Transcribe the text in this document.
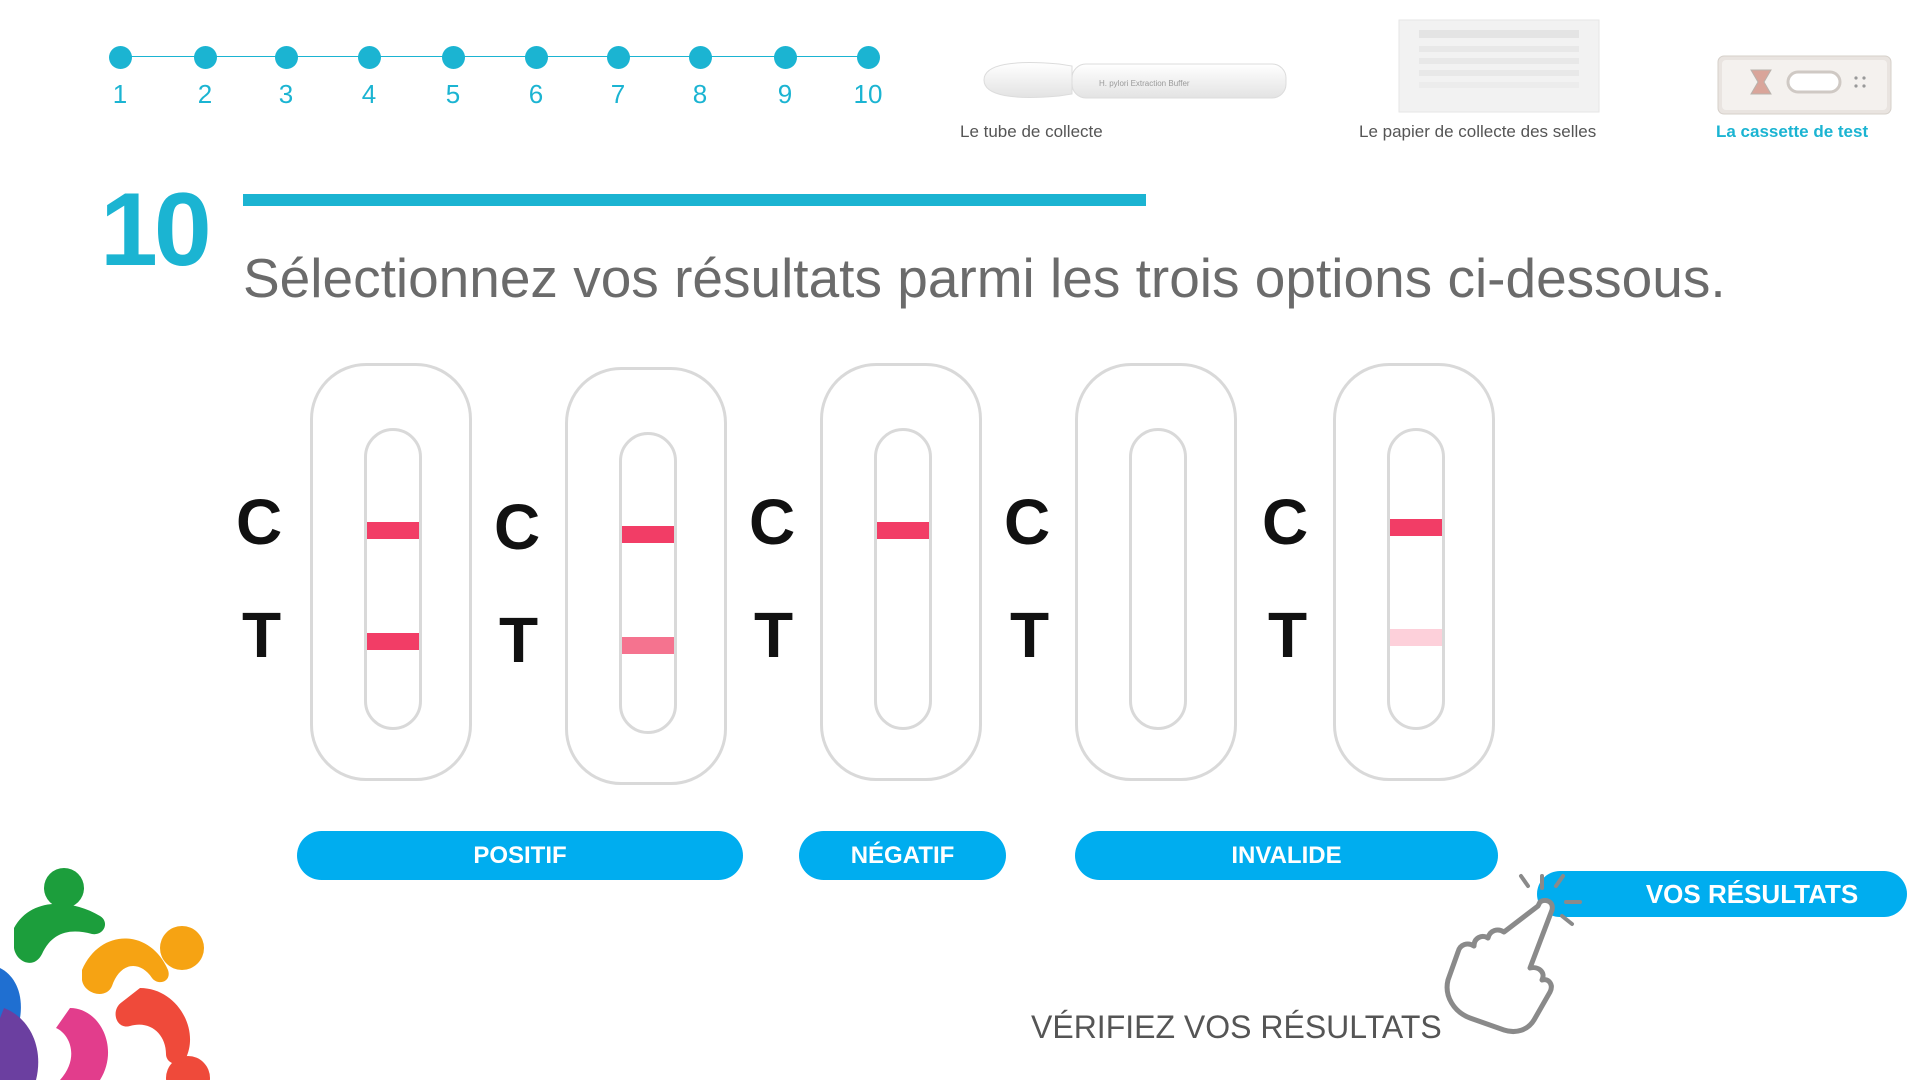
1	2	3	4	5	6	7	8	9	10	H. pylori Extraction Buffer
Le tube de collecte	Le papier de collecte des selles	La cassette de test
10 Sélectionnez vos résultats parmi les trois options ci-dessous.
C
T
C
T
C
T
C
T
C
T
POSITIF	NÉGATIF	INVALIDE
VOS RÉSULTATS
VÉRIFIEZ VOS RÉSULTATS
